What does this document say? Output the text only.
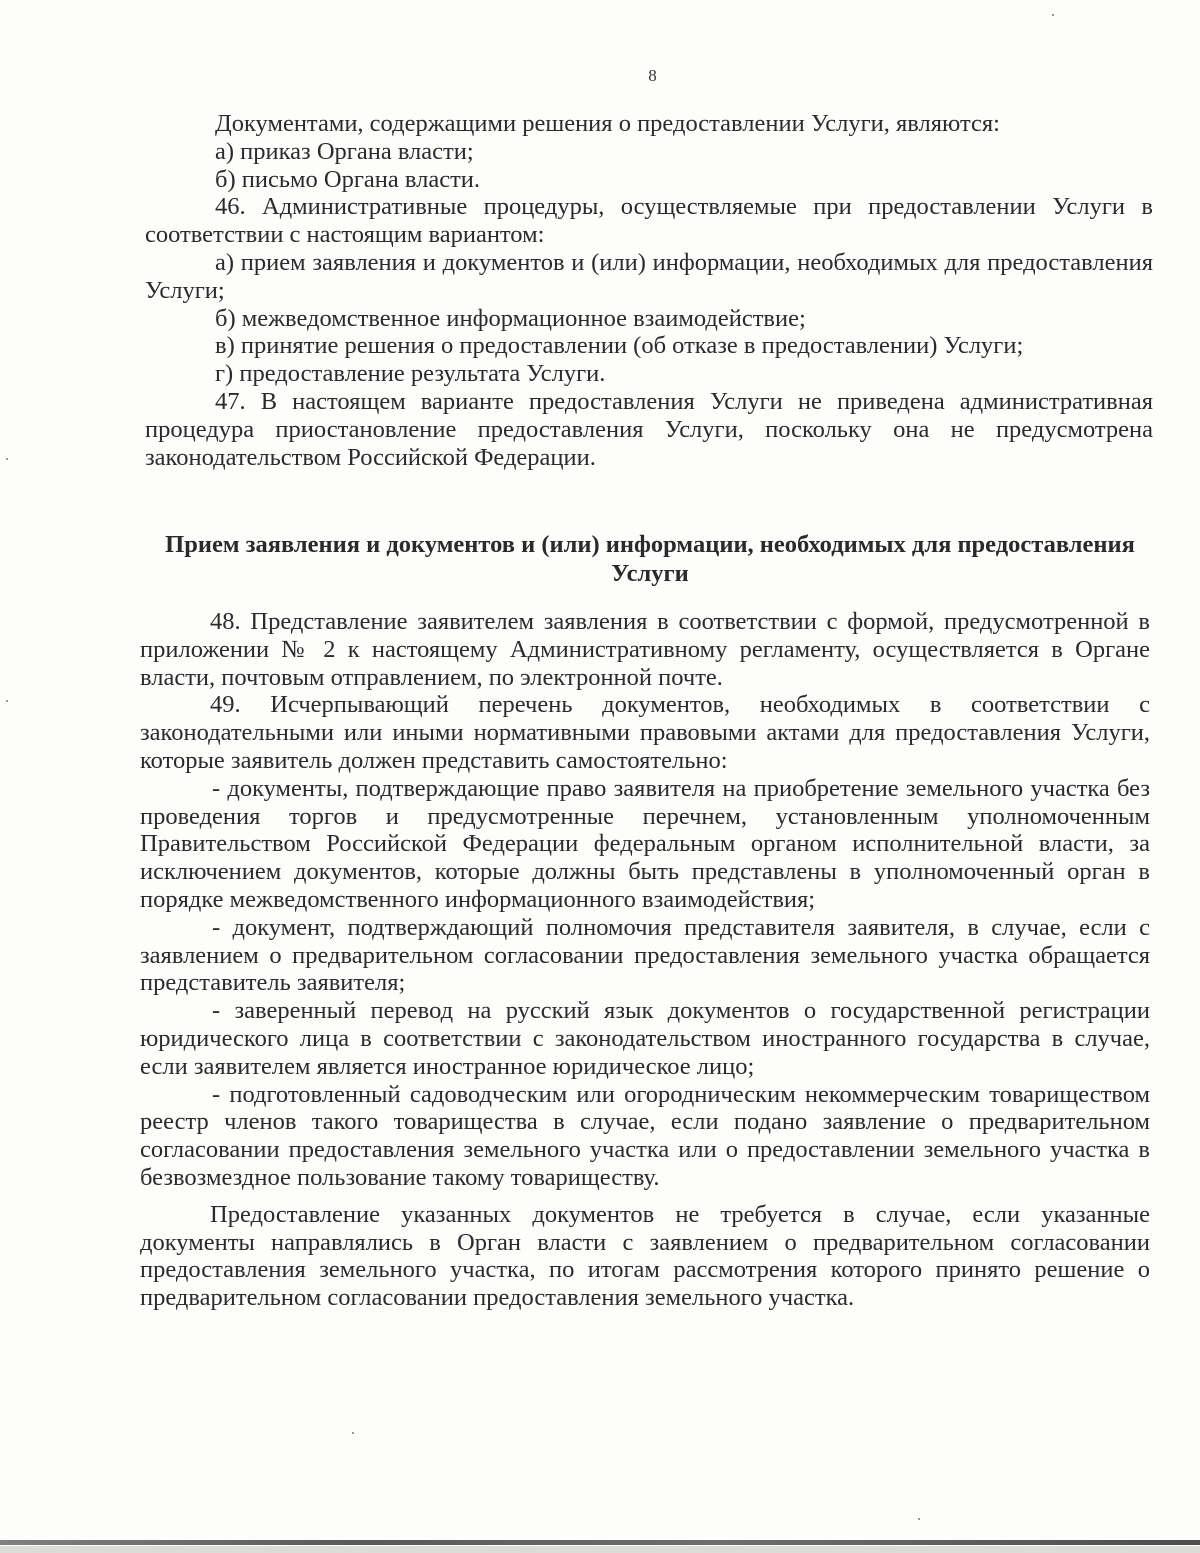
8

Документами, содержащими решения о предоставлении Услуги, являются:

а) приказ Органа власти;

б) письмо Органа власти.

46. Административные процедуры, осуществляемые при предоставлении Услуги в соответствии с настоящим вариантом:

а) прием заявления и документов и (или) информации, необходимых для предоставления Услуги;

б) межведомственное информационное взаимодействие;

в) принятие решения о предоставлении (об отказе в предоставлении) Услуги;

г) предоставление результата Услуги.

47. В настоящем варианте предоставления Услуги не приведена административная процедура приостановление предоставления Услуги, поскольку она не предусмотрена законодательством Российской Федерации.

Прием заявления и документов и (или) информации, необходимых для предоставления Услуги

48. Представление заявителем заявления в соответствии с формой, предусмотренной в приложении № 2 к настоящему Административному регламенту, осуществляется в Органе власти, почтовым отправлением, по электронной почте.

49. Исчерпывающий перечень документов, необходимых в соответствии с законодательными или иными нормативными правовыми актами для предоставления Услуги, которые заявитель должен представить самостоятельно:

- документы, подтверждающие право заявителя на приобретение земельного участка без проведения торгов и предусмотренные перечнем, установленным уполномоченным Правительством Российской Федерации федеральным органом исполнительной власти, за исключением документов, которые должны быть представлены в уполномоченный орган в порядке межведомственного информационного взаимодействия;

- документ, подтверждающий полномочия представителя заявителя, в случае, если с заявлением о предварительном согласовании предоставления земельного участка обращается представитель заявителя;

- заверенный перевод на русский язык документов о государственной регистрации юридического лица в соответствии с законодательством иностранного государства в случае, если заявителем является иностранное юридическое лицо;

- подготовленный садоводческим или огородническим некоммерческим товариществом реестр членов такого товарищества в случае, если подано заявление о предварительном согласовании предоставления земельного участка или о предоставлении земельного участка в безвозмездное пользование такому товариществу.

Предоставление указанных документов не требуется в случае, если указанные документы направлялись в Орган власти с заявлением о предварительном согласовании предоставления земельного участка, по итогам рассмотрения которого принято решение о предварительном согласовании предоставления земельного участка.
